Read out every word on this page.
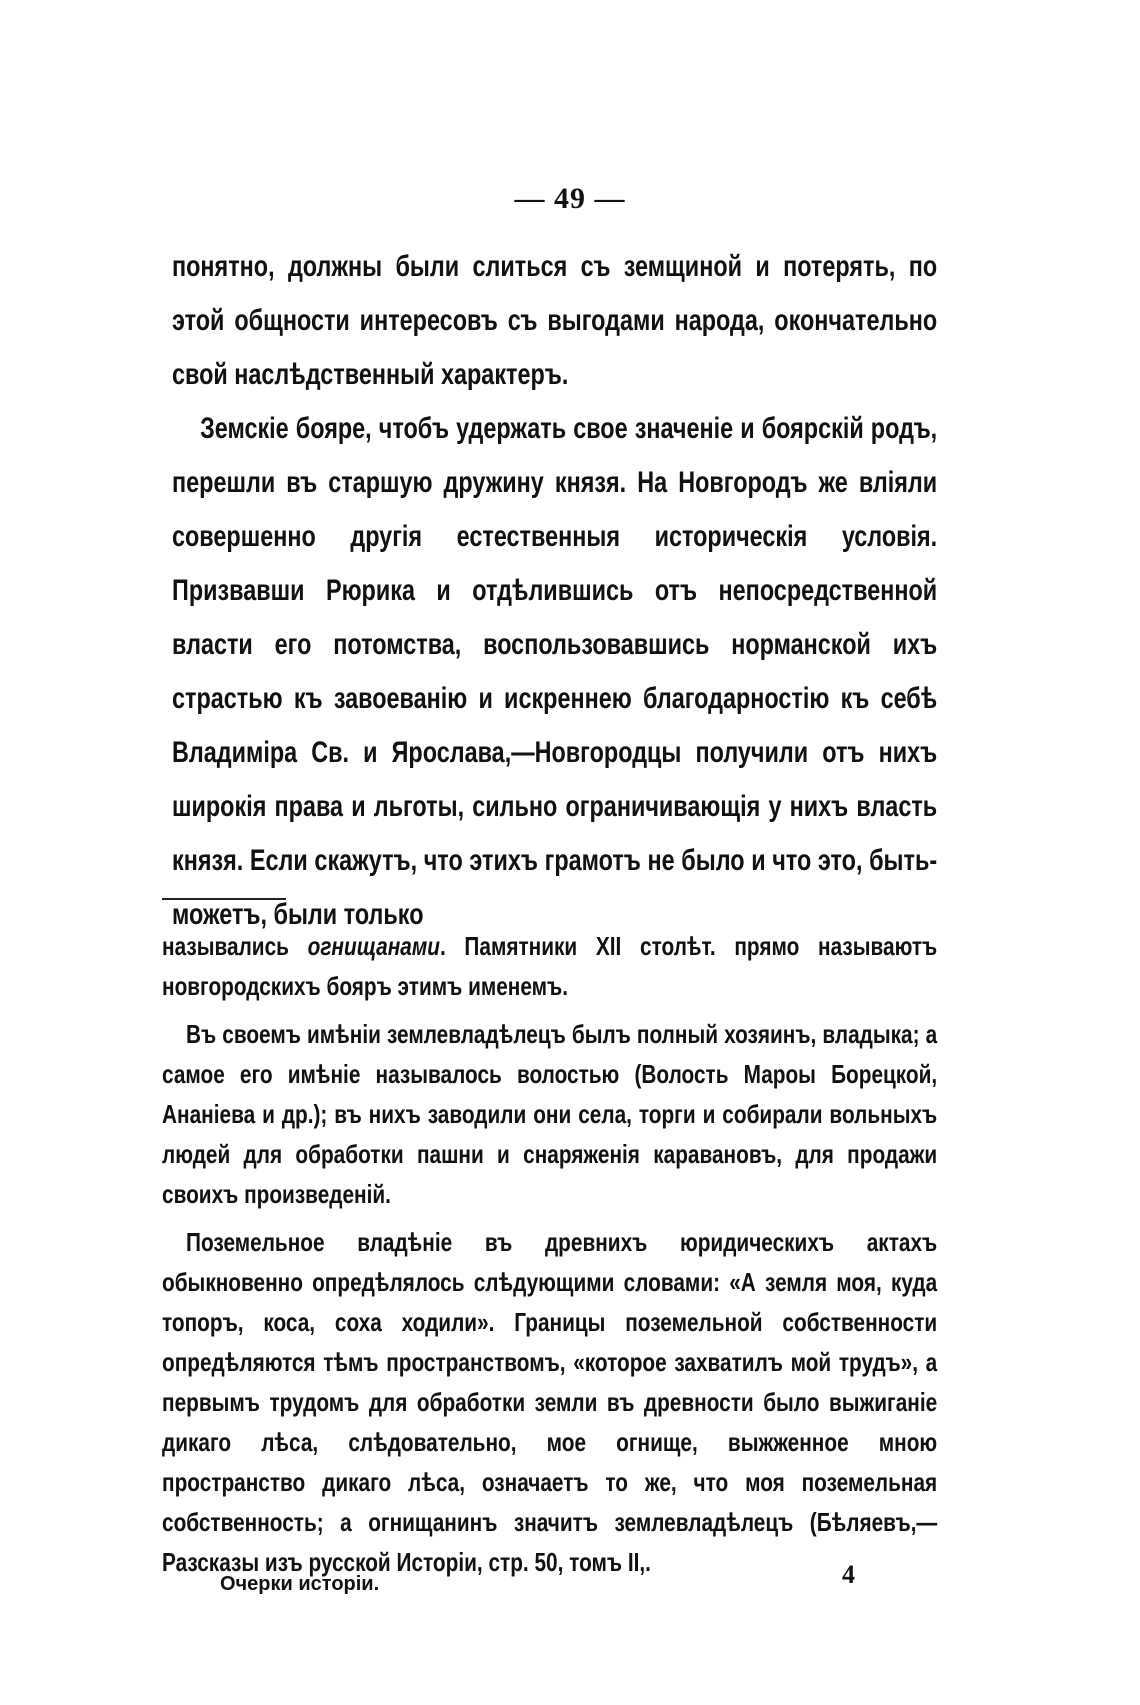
— 49 —

понятно, должны были слиться съ земщиной и потерять, по этой общности интересовъ съ выгодами народа, окончательно свой наслѣдственный характеръ.

Земскіе бояре, чтобъ удержать свое значеніе и боярскій родъ, перешли въ старшую дружину князя. На Новгородъ же вліяли совершенно другія естественныя историческія условія. Призвавши Рюрика и отдѣлившись отъ непосредственной власти его потомства, воспользовавшись норманской ихъ страстью къ завоеванію и искреннею благодарностію къ себѣ Владиміра Св. и Ярослава,—Новгородцы получили отъ нихъ широкія права и льготы, сильно ограничивающія у нихъ власть князя. Если скажутъ, что этихъ грамотъ не было и что это, быть-можетъ, были только

назывались огнищанами. Памятники XII столѣт. прямо называютъ новгородскихъ бояръ этимъ именемъ.

Въ своемъ имѣніи землевладѣлецъ былъ полный хозяинъ, владыка; а самое его имѣніе называлось волостью (Волость Мароы Борецкой, Ананіева и др.); въ нихъ заводили они села, торги и собирали вольныхъ людей для обработки пашни и снаряженія каравановъ, для продажи своихъ произведеній.

Поземельное владѣніе въ древнихъ юридическихъ актахъ обыкновенно опредѣлялось слѣдующими словами: «А земля моя, куда топоръ, коса, соха ходили». Границы поземельной собственности опредѣляются тѣмъ пространствомъ, «которое захватилъ мой трудъ», а первымъ трудомъ для обработки земли въ древности было выжиганіе дикаго лѣса, слѣдовательно, мое огнище, выжженное мною пространство дикаго лѣса, означаетъ то же, что моя поземельная собственность; а огнищанинъ значитъ землевладѣлецъ (Бѣляевъ,—Разсказы изъ русской Исторіи, стр. 50, томъ II,.

Очерки исторіи.	4
